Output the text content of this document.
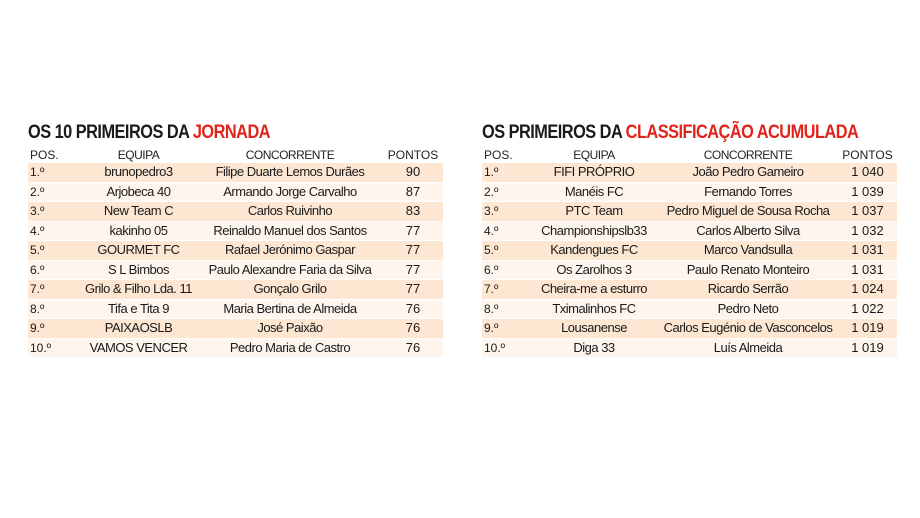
OS 10 PRIMEIROS DA JORNADA
POS.	EQUIPA	CONCORRENTE	PONTOS
1.º	brunopedro3	Filipe Duarte Lemos Durães	90
2.º	Arjobeca 40	Armando Jorge Carvalho	87
3.º	New Team C	Carlos Ruivinho	83
4.º	kakinho 05	Reinaldo Manuel dos Santos	77
5.º	GOURMET FC	Rafael Jerónimo Gaspar	77
6.º	S L Bimbos	Paulo Alexandre Faria da Silva	77
7.º	Grilo & Filho Lda. 11	Gonçalo Grilo	77
8.º	Tifa e Tita 9	Maria Bertina de Almeida	76
9.º	PAIXAOSLB	José Paixão	76
10.º	VAMOS VENCER	Pedro Maria de Castro	76
OS PRIMEIROS DA CLASSIFICAÇÃO ACUMULADA
POS.	EQUIPA	CONCORRENTE	PONTOS
1.º	FIFI PRÓPRIO	João Pedro Gameiro	1 040
2.º	Manéis FC	Fernando Torres	1 039
3.º	PTC Team	Pedro Miguel de Sousa Rocha	1 037
4.º	Championshipslb33	Carlos Alberto Silva	1 032
5.º	Kandengues FC	Marco Vandsulla	1 031
6.º	Os Zarolhos 3	Paulo Renato Monteiro	1 031
7.º	Cheira-me a esturro	Ricardo Serrão	1 024
8.º	Tximalinhos FC	Pedro Neto	1 022
9.º	Lousanense	Carlos Eugénio de Vasconcelos	1 019
10.º	Diga 33	Luís Almeida	1 019
